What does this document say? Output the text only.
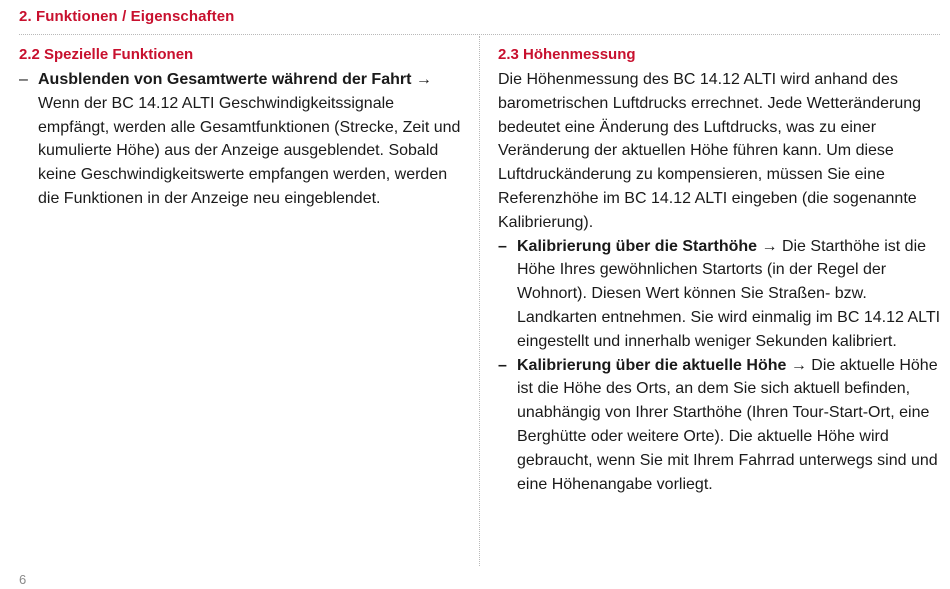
2. Funktionen / Eigenschaften
2.2 Spezielle Funktionen
– Ausblenden von Gesamtwerte während der Fahrt →
Wenn der BC 14.12 ALTI Geschwindigkeitssignale empfängt, werden alle Gesamtfunktionen (Strecke, Zeit und kumulierte Höhe) aus der Anzeige ausgeblendet. Sobald keine Geschwindigkeitswerte empfangen werden, werden die Funktionen in der Anzeige neu eingeblendet.
2.3 Höhenmessung

Die Höhenmessung des BC 14.12 ALTI wird anhand des barometrischen Luftdrucks errechnet. Jede Wetteränderung bedeutet eine Änderung des Luftdrucks, was zu einer Veränderung der aktuellen Höhe führen kann. Um diese Luftdruckänderung zu kompensieren, müssen Sie eine Referenzhöhe im BC 14.12 ALTI eingeben (die sogenannte Kalibrierung).

– Kalibrierung über die Starthöhe → Die Starthöhe ist die Höhe Ihres gewöhnlichen Startorts (in der Regel der Wohnort). Diesen Wert können Sie Straßen- bzw. Landkarten entnehmen. Sie wird einmalig im BC 14.12 ALTI eingestellt und innerhalb weniger Sekunden kalibriert.
– Kalibrierung über die aktuelle Höhe → Die aktuelle Höhe ist die Höhe des Orts, an dem Sie sich aktuell befinden, unabhängig von Ihrer Starthöhe (Ihren Tour-Start-Ort, eine Berghütte oder weitere Orte). Die aktuelle Höhe wird gebraucht, wenn Sie mit Ihrem Fahrrad unterwegs sind und eine Höhenangabe vorliegt.
6
